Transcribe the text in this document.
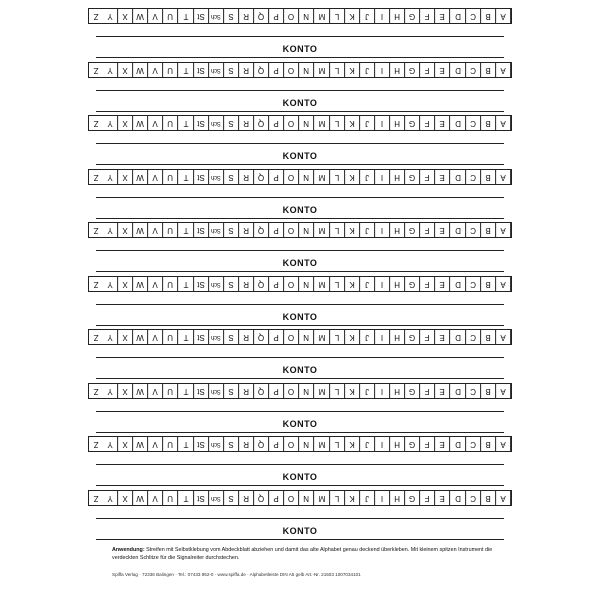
A
B
C
D
E
F
G
H
I
J
K
L
M
N
O
P
Q
R
S
Sch
St
T
U
V
W
X
Y
Z
KONTO
A
B
C
D
E
F
G
H
I
J
K
L
M
N
O
P
Q
R
S
Sch
St
T
U
V
W
X
Y
Z
KONTO
A
B
C
D
E
F
G
H
I
J
K
L
M
N
O
P
Q
R
S
Sch
St
T
U
V
W
X
Y
Z
KONTO
A
B
C
D
E
F
G
H
I
J
K
L
M
N
O
P
Q
R
S
Sch
St
T
U
V
W
X
Y
Z
KONTO
A
B
C
D
E
F
G
H
I
J
K
L
M
N
O
P
Q
R
S
Sch
St
T
U
V
W
X
Y
Z
KONTO
A
B
C
D
E
F
G
H
I
J
K
L
M
N
O
P
Q
R
S
Sch
St
T
U
V
W
X
Y
Z
KONTO
A
B
C
D
E
F
G
H
I
J
K
L
M
N
O
P
Q
R
S
Sch
St
T
U
V
W
X
Y
Z
KONTO
A
B
C
D
E
F
G
H
I
J
K
L
M
N
O
P
Q
R
S
Sch
St
T
U
V
W
X
Y
Z
KONTO
A
B
C
D
E
F
G
H
I
J
K
L
M
N
O
P
Q
R
S
Sch
St
T
U
V
W
X
Y
Z
KONTO
A
B
C
D
E
F
G
H
I
J
K
L
M
N
O
P
Q
R
S
Sch
St
T
U
V
W
X
Y
Z
KONTO
Anwendung: Streifen mit Selbstklebung vom Abdeckblatt abziehen und damit das alte Alphabet genau deckend überkleben. Mit kleinem spitzen Instrument die verdeckten Schlitze für die Signalreiter durchstechen.
Spiffa Verlag · 72336 Balingen · Tel.: 07433 952-0 · www.spiffa.de · Alphabetleiste DIN A5 gelb Art.-Nr. 21503 1007034101
